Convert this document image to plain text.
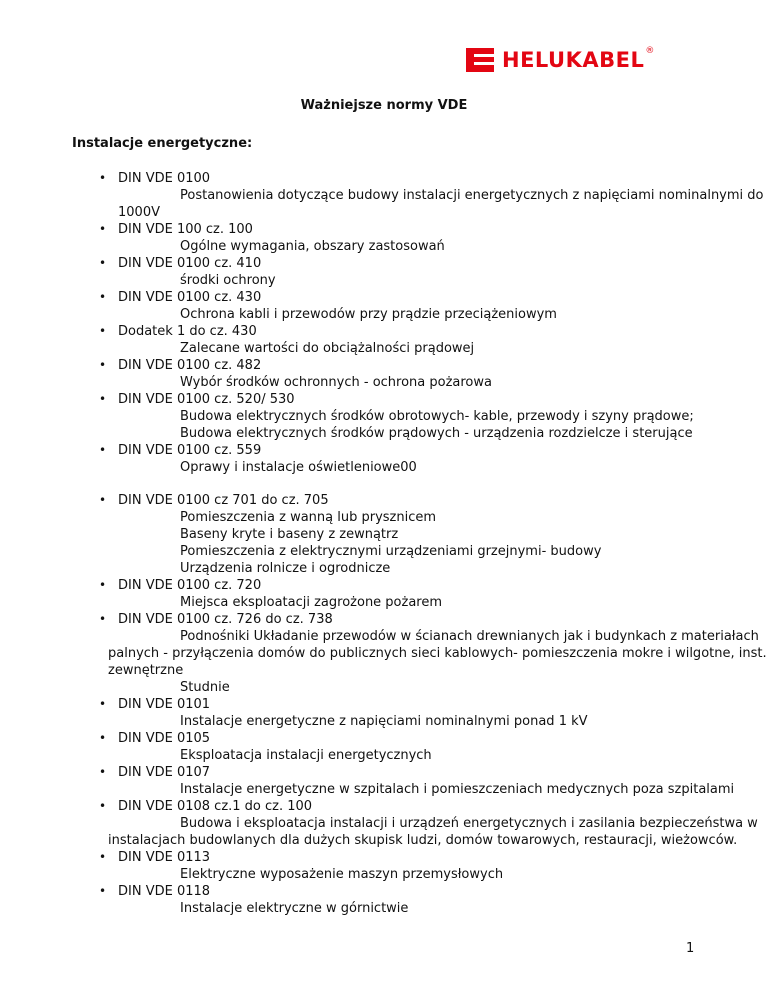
HELUKABEL ®
Ważniejsze normy VDE
Instalacje energetyczne:
• DIN VDE 0100
Postanowienia dotyczące budowy instalacji energetycznych z napięciami nominalnymi do
1000V
• DIN VDE 100 cz. 100
Ogólne wymagania, obszary zastosowań
• DIN VDE 0100 cz. 410
środki ochrony
• DIN VDE 0100 cz. 430
Ochrona kabli i przewodów przy prądzie przeciążeniowym
• Dodatek 1 do cz. 430
Zalecane wartości do obciążalności prądowej
• DIN VDE 0100 cz. 482
Wybór środków ochronnych - ochrona pożarowa
• DIN VDE 0100 cz. 520/ 530
Budowa elektrycznych środków obrotowych- kable, przewody i szyny prądowe;
Budowa elektrycznych środków prądowych - urządzenia rozdzielcze i sterujące
• DIN VDE 0100 cz. 559
Oprawy i instalacje oświetleniowe00
• DIN VDE 0100 cz 701 do cz. 705
Pomieszczenia z wanną lub prysznicem
Baseny kryte i baseny z zewnątrz
Pomieszczenia z elektrycznymi urządzeniami grzejnymi- budowy
Urządzenia rolnicze i ogrodnicze
• DIN VDE 0100 cz. 720
Miejsca eksploatacji zagrożone pożarem
• DIN VDE 0100 cz. 726 do cz. 738
Podnośniki Układanie przewodów w ścianach drewnianych jak i budynkach z materiałach
palnych - przyłączenia domów do publicznych sieci kablowych- pomieszczenia mokre i wilgotne, inst.
zewnętrzne
Studnie
• DIN VDE 0101
Instalacje energetyczne z napięciami nominalnymi ponad 1 kV
• DIN VDE 0105
Eksploatacja instalacji energetycznych
• DIN VDE 0107
Instalacje energetyczne w szpitalach i pomieszczeniach medycznych poza szpitalami
• DIN VDE 0108 cz.1 do cz. 100
Budowa i eksploatacja instalacji i urządzeń energetycznych i zasilania bezpieczeństwa w
instalacjach budowlanych dla dużych skupisk ludzi, domów towarowych, restauracji, wieżowców.
• DIN VDE 0113
Elektryczne wyposażenie maszyn przemysłowych
• DIN VDE 0118
Instalacje elektryczne w górnictwie
1
